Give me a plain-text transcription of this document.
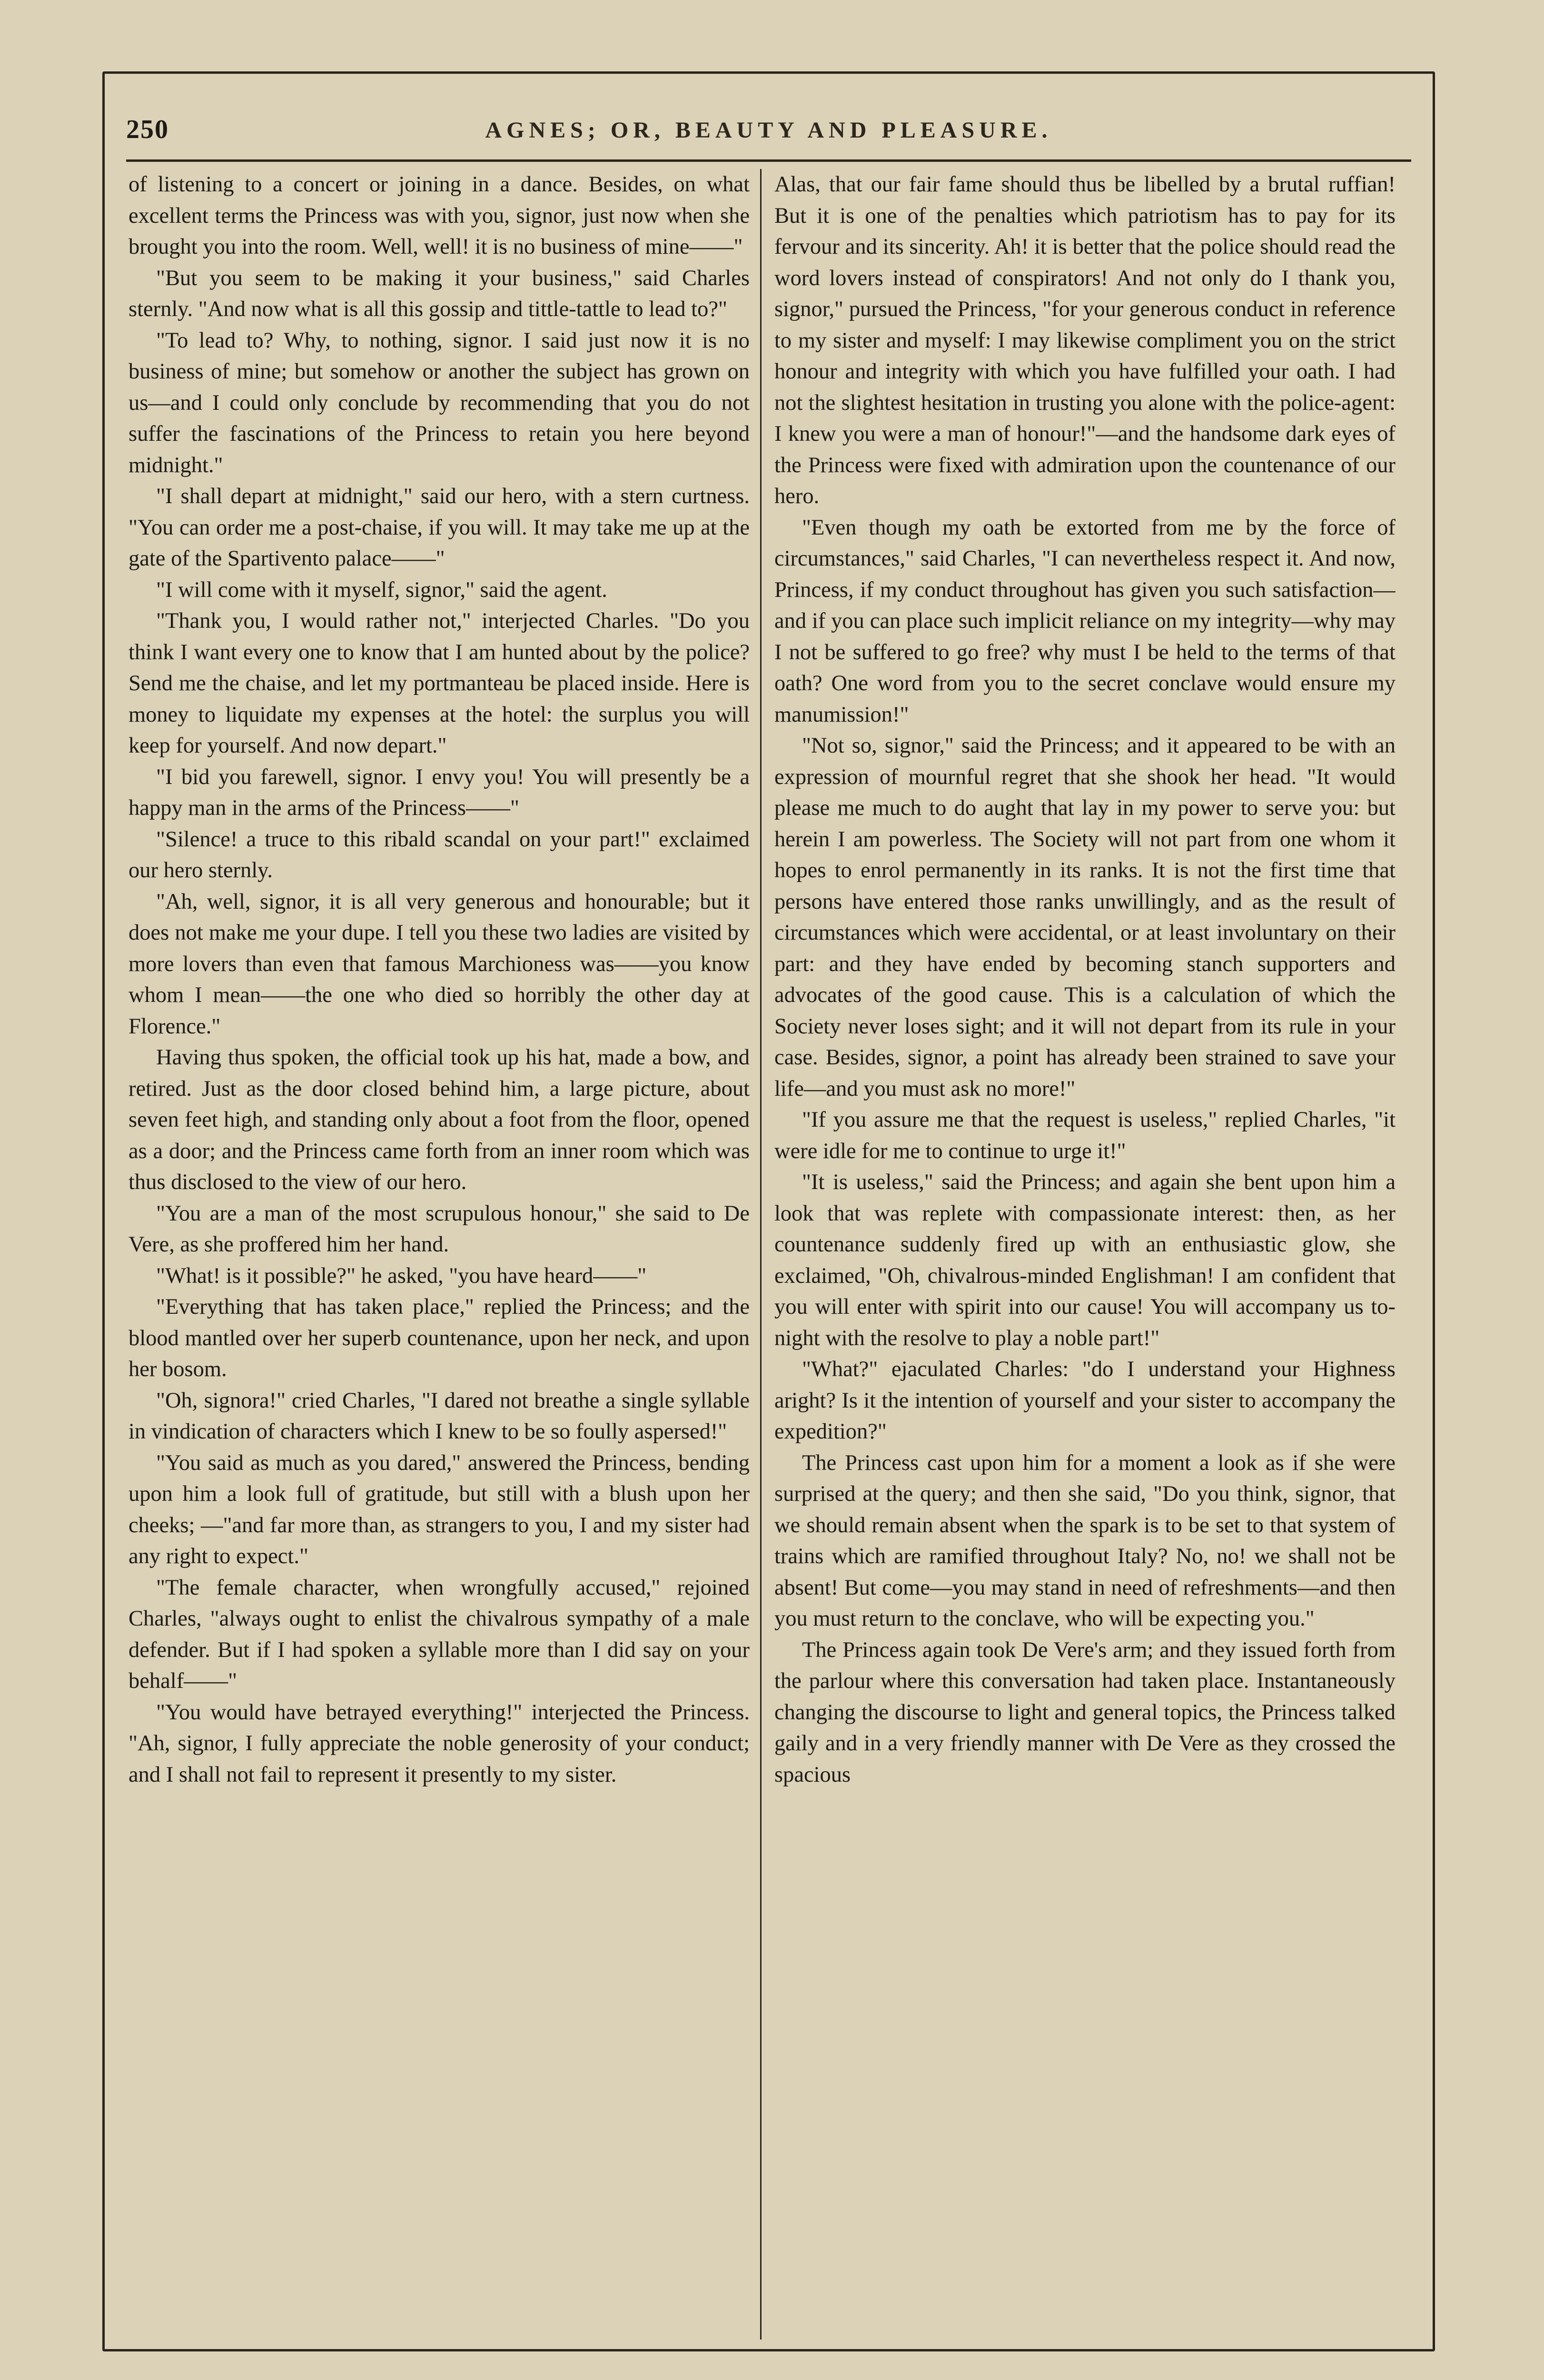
250	AGNES; OR, BEAUTY AND PLEASURE.

of listening to a concert or joining in a dance. Besides, on what excellent terms the Princess was with you, signor, just now when she brought you into the room. Well, well! it is no business of mine——"

"But you seem to be making it your business," said Charles sternly. "And now what is all this gossip and tittle-tattle to lead to?"

"To lead to? Why, to nothing, signor. I said just now it is no business of mine; but somehow or another the subject has grown on us—and I could only conclude by recommending that you do not suffer the fascinations of the Princess to retain you here beyond midnight."

"I shall depart at midnight," said our hero, with a stern curtness. "You can order me a post-chaise, if you will. It may take me up at the gate of the Spartivento palace——"

"I will come with it myself, signor," said the agent.

"Thank you, I would rather not," interjected Charles. "Do you think I want every one to know that I am hunted about by the police? Send me the chaise, and let my portmanteau be placed inside. Here is money to liquidate my expenses at the hotel: the surplus you will keep for yourself. And now depart."

"I bid you farewell, signor. I envy you! You will presently be a happy man in the arms of the Princess——"

"Silence! a truce to this ribald scandal on your part!" exclaimed our hero sternly.

"Ah, well, signor, it is all very generous and honourable; but it does not make me your dupe. I tell you these two ladies are visited by more lovers than even that famous Marchioness was——you know whom I mean——the one who died so horribly the other day at Florence."

Having thus spoken, the official took up his hat, made a bow, and retired. Just as the door closed behind him, a large picture, about seven feet high, and standing only about a foot from the floor, opened as a door; and the Princess came forth from an inner room which was thus disclosed to the view of our hero.

"You are a man of the most scrupulous honour," she said to De Vere, as she proffered him her hand.

"What! is it possible?" he asked, "you have heard——"

"Everything that has taken place," replied the Princess; and the blood mantled over her superb countenance, upon her neck, and upon her bosom.

"Oh, signora!" cried Charles, "I dared not breathe a single syllable in vindication of characters which I knew to be so foully aspersed!"

"You said as much as you dared," answered the Princess, bending upon him a look full of gratitude, but still with a blush upon her cheeks; —"and far more than, as strangers to you, I and my sister had any right to expect."

"The female character, when wrongfully accused," rejoined Charles, "always ought to enlist the chivalrous sympathy of a male defender. But if I had spoken a syllable more than I did say on your behalf——"

"You would have betrayed everything!" interjected the Princess. "Ah, signor, I fully appreciate the noble generosity of your conduct; and I shall not fail to represent it presently to my sister.

Alas, that our fair fame should thus be libelled by a brutal ruffian! But it is one of the penalties which patriotism has to pay for its fervour and its sincerity. Ah! it is better that the police should read the word lovers instead of conspirators! And not only do I thank you, signor," pursued the Princess, "for your generous conduct in reference to my sister and myself: I may likewise compliment you on the strict honour and integrity with which you have fulfilled your oath. I had not the slightest hesitation in trusting you alone with the police-agent: I knew you were a man of honour!"—and the handsome dark eyes of the Princess were fixed with admiration upon the countenance of our hero.

"Even though my oath be extorted from me by the force of circumstances," said Charles, "I can nevertheless respect it. And now, Princess, if my conduct throughout has given you such satisfaction—and if you can place such implicit reliance on my integrity—why may I not be suffered to go free? why must I be held to the terms of that oath? One word from you to the secret conclave would ensure my manumission!"

"Not so, signor," said the Princess; and it appeared to be with an expression of mournful regret that she shook her head. "It would please me much to do aught that lay in my power to serve you: but herein I am powerless. The Society will not part from one whom it hopes to enrol permanently in its ranks. It is not the first time that persons have entered those ranks unwillingly, and as the result of circumstances which were accidental, or at least involuntary on their part: and they have ended by becoming stanch supporters and advocates of the good cause. This is a calculation of which the Society never loses sight; and it will not depart from its rule in your case. Besides, signor, a point has already been strained to save your life—and you must ask no more!"

"If you assure me that the request is useless," replied Charles, "it were idle for me to continue to urge it!"

"It is useless," said the Princess; and again she bent upon him a look that was replete with compassionate interest: then, as her countenance suddenly fired up with an enthusiastic glow, she exclaimed, "Oh, chivalrous-minded Englishman! I am confident that you will enter with spirit into our cause! You will accompany us to-night with the resolve to play a noble part!"

"What?" ejaculated Charles: "do I understand your Highness aright? Is it the intention of yourself and your sister to accompany the expedition?"

The Princess cast upon him for a moment a look as if she were surprised at the query; and then she said, "Do you think, signor, that we should remain absent when the spark is to be set to that system of trains which are ramified throughout Italy? No, no! we shall not be absent! But come—you may stand in need of refreshments—and then you must return to the conclave, who will be expecting you."

The Princess again took De Vere's arm; and they issued forth from the parlour where this conversation had taken place. Instantaneously changing the discourse to light and general topics, the Princess talked gaily and in a very friendly manner with De Vere as they crossed the spacious
